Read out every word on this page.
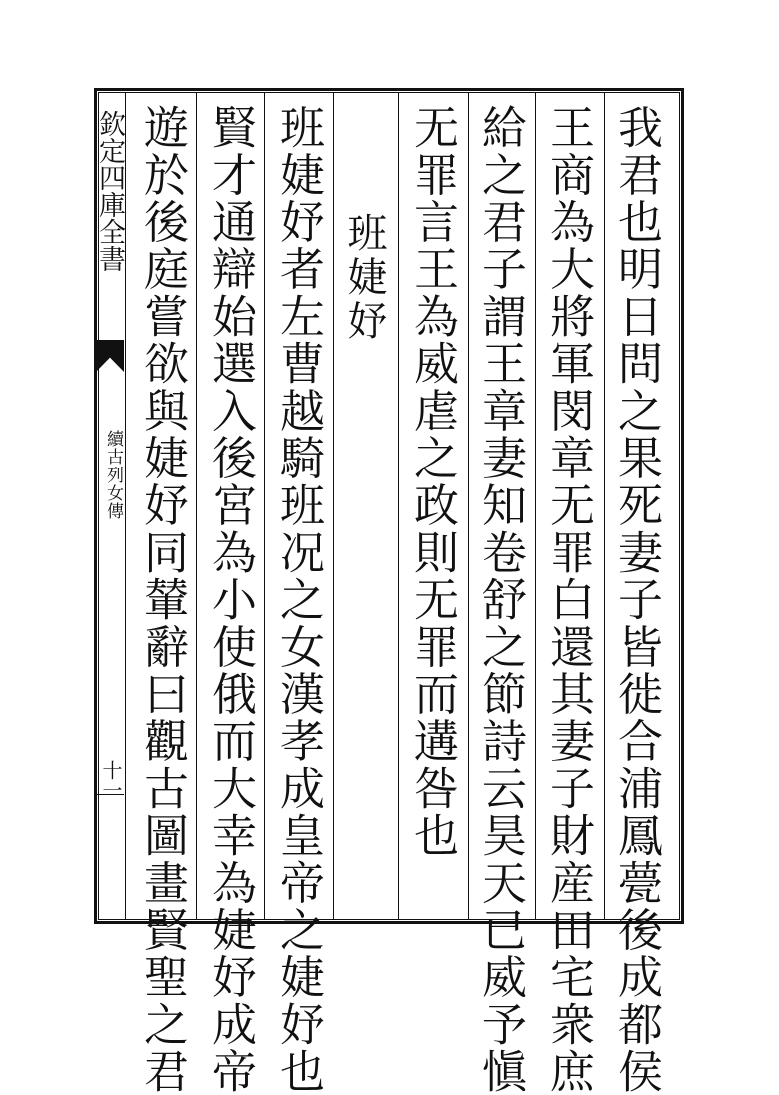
欽定四庫全書
續古列女傳
十一	我君也明日問之果死妻子皆徙合浦鳳甍後成都侯
王商為大將軍閔章无罪白還其妻子財産田宅衆庶
給之君子謂王章妻知卷舒之節詩云昊天已威予愼
无罪言王為威虐之政則无罪而遘咎也
班婕妤
班婕妤者左曹越騎班况之女漢孝成皇帝之婕妤也
賢才通辯始選入後宮為小使俄而大幸為婕妤成帝
遊於後庭嘗欲與婕妤同輦辭曰觀古圖畫賢聖之君
